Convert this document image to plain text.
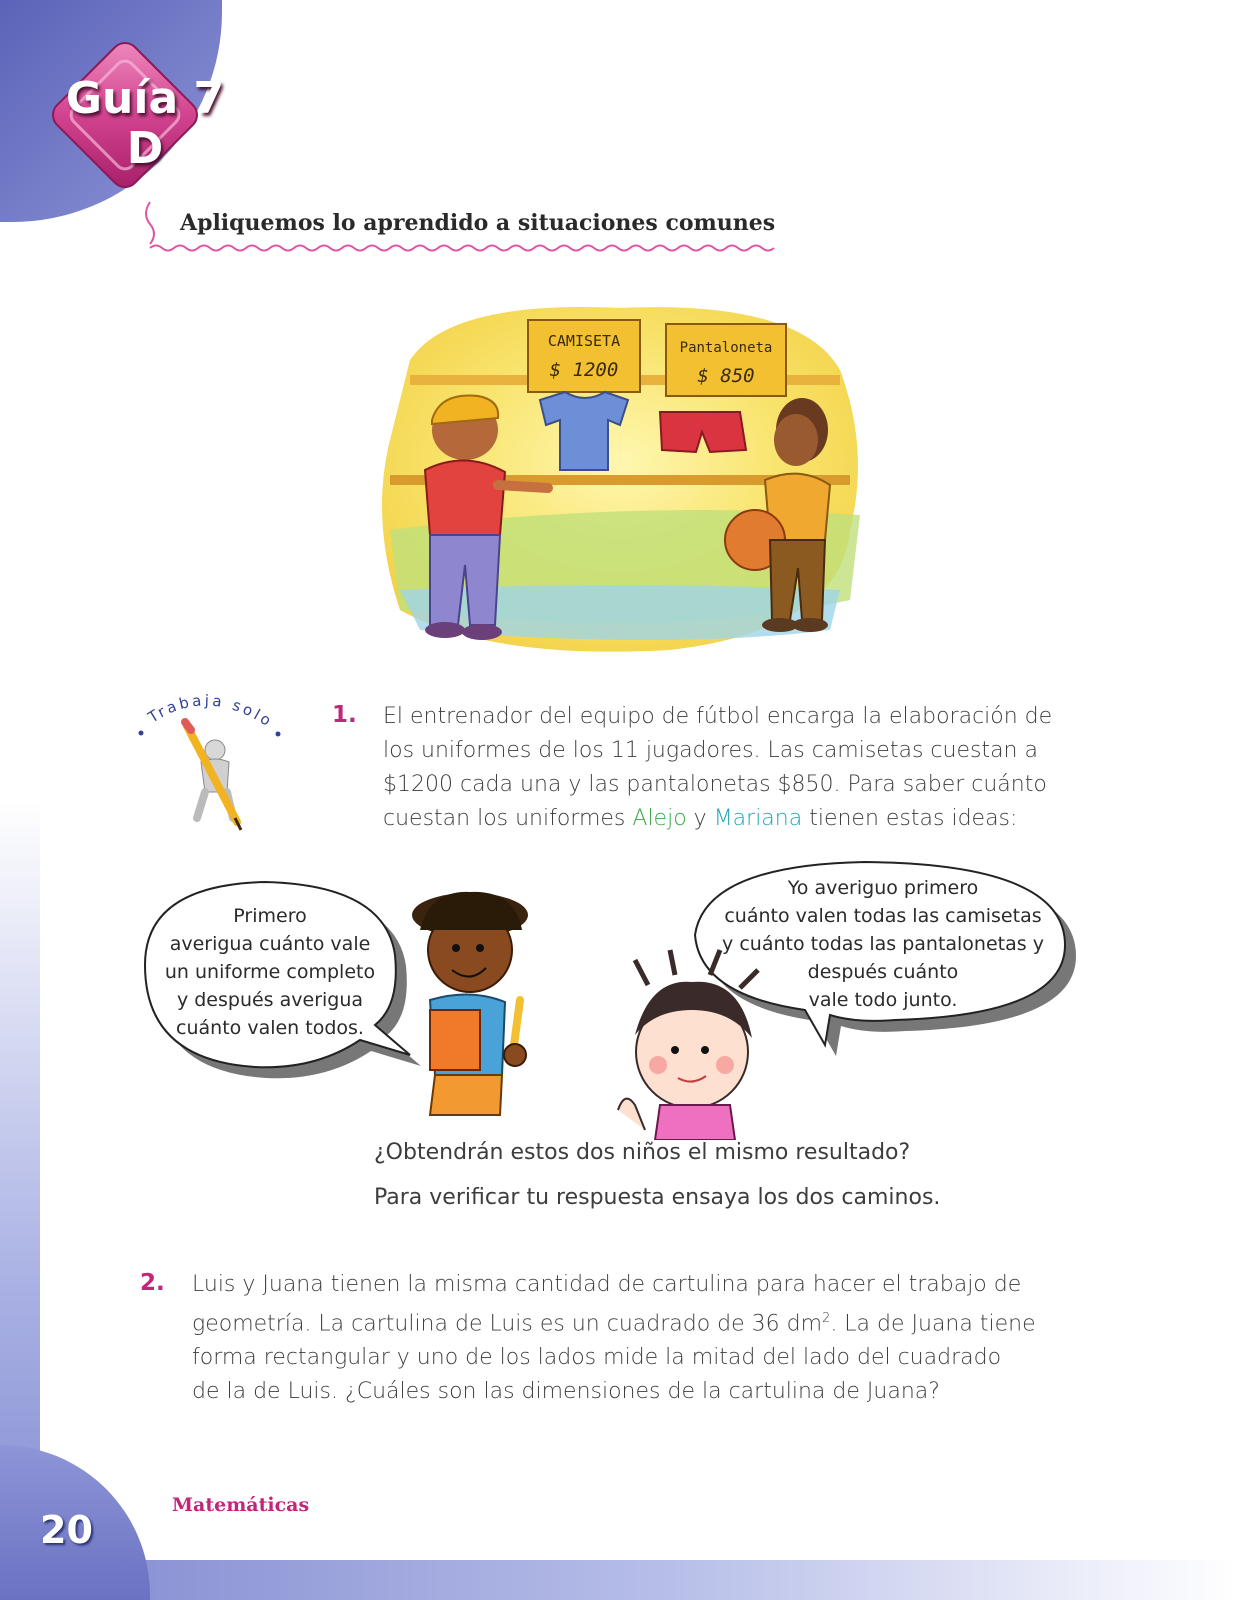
Guía 7
D
Apliquemos lo aprendido a situaciones comunes
CAMISETA
$ 1200
Pantaloneta
$ 850
Trabaja solo 1. El entrenador del equipo de fútbol encarga la elaboración de

los uniformes de los 11 jugadores. Las camisetas cuestan a

$1200 cada una y las pantalonetas $850. Para saber cuánto

cuestan los uniformes Alejo y Mariana tienen estas ideas:

Primero

averigua cuánto vale

un uniforme completo

y después averigua

cuánto valen todos.

Yo averiguo primero

cuánto valen todas las camisetas

y cuánto todas las pantalonetas y

después cuánto

vale todo junto.

¿Obtendrán estos dos niños el mismo resultado?
Para verificar tu respuesta ensaya los dos caminos.
2. Luis y Juana tienen la misma cantidad de cartulina para hacer el trabajo de

geometría. La cartulina de Luis es un cuadrado de 36 $dm^2$. La de Juana tiene

forma rectangular y uno de los lados mide la mitad del lado del cuadrado

de la de Luis. ¿Cuáles son las dimensiones de la cartulina de Juana?

Matemáticas
20
